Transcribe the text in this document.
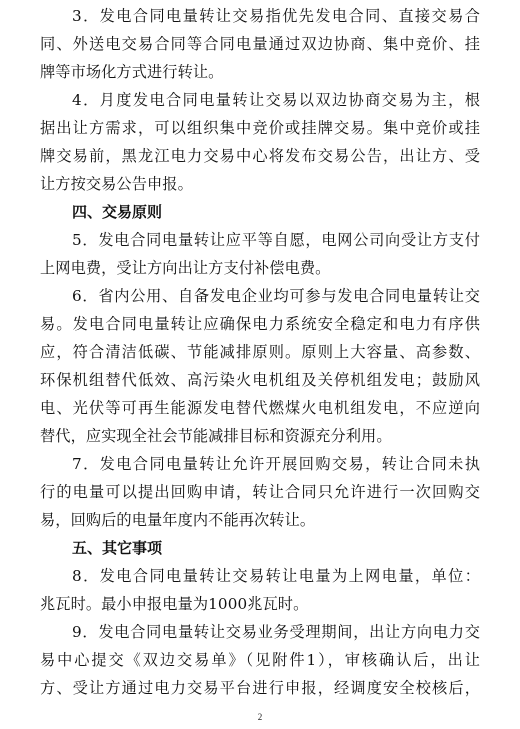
3．发电合同电量转让交易指优先发电合同、直接交易合
同、外送电交易合同等合同电量通过双边协商、集中竞价、挂
牌等市场化方式进行转让。
4．月度发电合同电量转让交易以双边协商交易为主，根
据出让方需求，可以组织集中竞价或挂牌交易。集中竞价或挂
牌交易前，黑龙江电力交易中心将发布交易公告，出让方、受
让方按交易公告申报。
四、交易原则
5．发电合同电量转让应平等自愿，电网公司向受让方支付
上网电费，受让方向出让方支付补偿电费。
6．省内公用、自备发电企业均可参与发电合同电量转让交
易。发电合同电量转让应确保电力系统安全稳定和电力有序供
应，符合清洁低碳、节能减排原则。原则上大容量、高参数、
环保机组替代低效、高污染火电机组及关停机组发电；鼓励风
电、光伏等可再生能源发电替代燃煤火电机组发电，不应逆向
替代，应实现全社会节能减排目标和资源充分利用。
7．发电合同电量转让允许开展回购交易，转让合同未执
行的电量可以提出回购申请，转让合同只允许进行一次回购交
易，回购后的电量年度内不能再次转让。
五、其它事项
8．发电合同电量转让交易转让电量为上网电量，单位：
兆瓦时。最小申报电量为1000兆瓦时。
9．发电合同电量转让交易业务受理期间，出让方向电力交
易中心提交《双边交易单》（见附件1），审核确认后，出让
方、受让方通过电力交易平台进行申报，经调度安全校核后，
2
